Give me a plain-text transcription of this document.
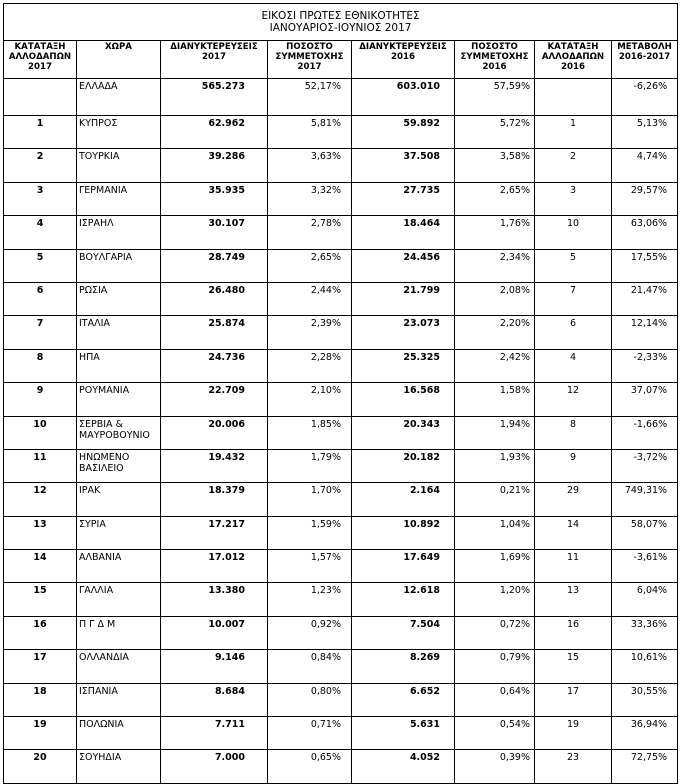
ΕΙΚΟΣΙ ΠΡΩΤΕΣ ΕΘΝΙΚΟΤΗΤΕΣ
ΙΑΝΟΥΑΡΙΟΣ-ΙΟΥΝΙΟΣ 2017							

ΚΑΤΑΤΑΞΗ ΑΛΛΟΔΑΠΩΝ 2017	ΧΩΡΑ	ΔΙΑΝΥΚΤΕΡΕΥΣΕΙΣ 2017	ΠΟΣΟΣΤΟ ΣΥΜΜΕΤΟΧΗΣ 2017	ΔΙΑΝΥΚΤΕΡΕΥΣΕΙΣ 2016	ΠΟΣΟΣΤΟ ΣΥΜΜΕΤΟΧΗΣ 2016	ΚΑΤΑΤΑΞΗ ΑΛΛΟΔΑΠΩΝ 2016	ΜΕΤΑΒΟΛΗ 2016-2017
	ΕΛΛΑΔΑ	565.273	52,17%	603.010	57,59%		-6,26%
1	ΚΥΠΡΟΣ	62.962	5,81%	59.892	5,72%	1	5,13%
2	ΤΟΥΡΚΙΑ	39.286	3,63%	37.508	3,58%	2	4,74%
3	ΓΕΡΜΑΝΙΑ	35.935	3,32%	27.735	2,65%	3	29,57%
4	ΙΣΡΑΗΛ	30.107	2,78%	18.464	1,76%	10	63,06%
5	ΒΟΥΛΓΑΡΙΑ	28.749	2,65%	24.456	2,34%	5	17,55%
6	ΡΩΣΙΑ	26.480	2,44%	21.799	2,08%	7	21,47%
7	ΙΤΑΛΙΑ	25.874	2,39%	23.073	2,20%	6	12,14%
8	ΗΠΑ	24.736	2,28%	25.325	2,42%	4	-2,33%
9	ΡΟΥΜΑΝΙΑ	22.709	2,10%	16.568	1,58%	12	37,07%
10	ΣΕΡΒΙΑ & ΜΑΥΡΟΒΟΥΝΙΟ	20.006	1,85%	20.343	1,94%	8	-1,66%
11	ΗΝΩΜΕΝΟ ΒΑΣΙΛΕΙΟ	19.432	1,79%	20.182	1,93%	9	-3,72%
12	ΙΡΑΚ	18.379	1,70%	2.164	0,21%	29	749,31%
13	ΣΥΡΙΑ	17.217	1,59%	10.892	1,04%	14	58,07%
14	ΑΛΒΑΝΙΑ	17.012	1,57%	17.649	1,69%	11	-3,61%
15	ΓΑΛΛΙΑ	13.380	1,23%	12.618	1,20%	13	6,04%
16	Π Γ Δ Μ	10.007	0,92%	7.504	0,72%	16	33,36%
17	ΟΛΛΑΝΔΙΑ	9.146	0,84%	8.269	0,79%	15	10,61%
18	ΙΣΠΑΝΙΑ	8.684	0,80%	6.652	0,64%	17	30,55%
19	ΠΟΛΩΝΙΑ	7.711	0,71%	5.631	0,54%	19	36,94%
20	ΣΟΥΗΔΙΑ	7.000	0,65%	4.052	0,39%	23	72,75%
